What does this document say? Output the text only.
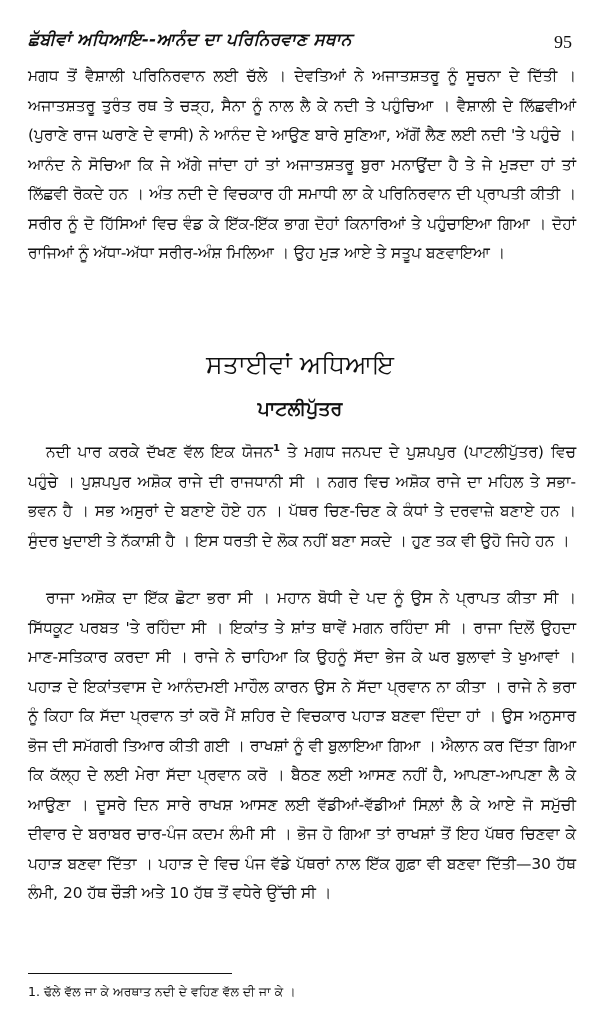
ਛੱਬੀਵਾਂ ਅਧਿਆਇ--ਆਨੰਦ ਦਾ ਪਰਿਨਿਰਵਾਣ ਸਥਾਨ	95

ਮਗਧ ਤੋਂ ਵੈਸ਼ਾਲੀ ਪਰਿਨਿਰਵਾਨ ਲਈ ਚੱਲੇ । ਦੇਵਤਿਆਂ ਨੇ ਅਜਾਤਸ਼ਤਰੂ ਨੂੰ ਸੂਚਨਾ ਦੇ ਦਿੱਤੀ । ਅਜਾਤਸ਼ਤਰੂ ਤੁਰੰਤ ਰਥ ਤੇ ਚੜ੍ਹ, ਸੈਨਾ ਨੂੰ ਨਾਲ ਲੈ ਕੇ ਨਦੀ ਤੇ ਪਹੁੰਚਿਆ । ਵੈਸ਼ਾਲੀ ਦੇ ਲਿੱਛਵੀਆਂ (ਪੁਰਾਣੇ ਰਾਜ ਘਰਾਣੇ ਦੇ ਵਾਸੀ) ਨੇ ਆਨੰਦ ਦੇ ਆਉਣ ਬਾਰੇ ਸੁਣਿਆ, ਅੱਗੋਂ ਲੈਣ ਲਈ ਨਦੀ 'ਤੇ ਪਹੁੰਚੇ । ਆਨੰਦ ਨੇ ਸੋਚਿਆ ਕਿ ਜੇ ਅੱਗੇ ਜਾਂਦਾ ਹਾਂ ਤਾਂ ਅਜਾਤਸ਼ਤਰੂ ਬੁਰਾ ਮਨਾਉਂਦਾ ਹੈ ਤੇ ਜੇ ਮੁੜਦਾ ਹਾਂ ਤਾਂ ਲਿੱਛਵੀ ਰੋਕਦੇ ਹਨ । ਅੰਤ ਨਦੀ ਦੇ ਵਿਚਕਾਰ ਹੀ ਸਮਾਧੀ ਲਾ ਕੇ ਪਰਿਨਿਰਵਾਨ ਦੀ ਪ੍ਰਾਪਤੀ ਕੀਤੀ । ਸਰੀਰ ਨੂੰ ਦੋ ਹਿੱਸਿਆਂ ਵਿਚ ਵੰਡ ਕੇ ਇੱਕ-ਇੱਕ ਭਾਗ ਦੋਹਾਂ ਕਿਨਾਰਿਆਂ ਤੇ ਪਹੁੰਚਾਇਆ ਗਿਆ । ਦੋਹਾਂ ਰਾਜਿਆਂ ਨੂੰ ਅੱਧਾ-ਅੱਧਾ ਸਰੀਰ-ਅੰਸ਼ ਮਿਲਿਆ । ਉਹ ਮੁੜ ਆਏ ਤੇ ਸਤੂਪ ਬਣਵਾਇਆ ।

ਸਤਾਈਵਾਂ ਅਧਿਆਇ
ਪਾਟਲੀਪੁੱਤਰ

ਨਦੀ ਪਾਰ ਕਰਕੇ ਦੱਖਣ ਵੱਲ ਇਕ ਯੋਜਨ$^1$ ਤੇ ਮਗਧ ਜਨਪਦ ਦੇ ਪੁਸ਼ਪਪੁਰ (ਪਾਟਲੀਪੁੱਤਰ) ਵਿਚ ਪਹੁੰਚੇ । ਪੁਸ਼ਪਪੁਰ ਅਸ਼ੋਕ ਰਾਜੇ ਦੀ ਰਾਜਧਾਨੀ ਸੀ । ਨਗਰ ਵਿਚ ਅਸ਼ੋਕ ਰਾਜੇ ਦਾ ਮਹਿਲ ਤੇ ਸਭਾ-ਭਵਨ ਹੈ । ਸਭ ਅਸੁਰਾਂ ਦੇ ਬਣਾਏ ਹੋਏ ਹਨ । ਪੱਥਰ ਚਿਣ-ਚਿਣ ਕੇ ਕੰਧਾਂ ਤੇ ਦਰਵਾਜ਼ੇ ਬਣਾਏ ਹਨ । ਸੁੰਦਰ ਖੁਦਾਈ ਤੇ ਨੱਕਾਸ਼ੀ ਹੈ । ਇਸ ਧਰਤੀ ਦੇ ਲੋਕ ਨਹੀਂ ਬਣਾ ਸਕਦੇ । ਹੁਣ ਤਕ ਵੀ ਉਹੋ ਜਿਹੇ ਹਨ ।

ਰਾਜਾ ਅਸ਼ੋਕ ਦਾ ਇੱਕ ਛੋਟਾ ਭਰਾ ਸੀ । ਮਹਾਨ ਬੋਧੀ ਦੇ ਪਦ ਨੂੰ ਉਸ ਨੇ ਪ੍ਰਾਪਤ ਕੀਤਾ ਸੀ । ਸਿੱਧਕੂਟ ਪਰਬਤ 'ਤੇ ਰਹਿੰਦਾ ਸੀ । ਇਕਾਂਤ ਤੇ ਸ਼ਾਂਤ ਥਾਵੇਂ ਮਗਨ ਰਹਿੰਦਾ ਸੀ । ਰਾਜਾ ਦਿਲੋਂ ਉਹਦਾ ਮਾਣ-ਸਤਿਕਾਰ ਕਰਦਾ ਸੀ । ਰਾਜੇ ਨੇ ਚਾਹਿਆ ਕਿ ਉਹਨੂੰ ਸੱਦਾ ਭੇਜ ਕੇ ਘਰ ਬੁਲਾਵਾਂ ਤੇ ਖੁਆਵਾਂ । ਪਹਾੜ ਦੇ ਇਕਾਂਤਵਾਸ ਦੇ ਆਨੰਦਮਈ ਮਾਹੌਲ ਕਾਰਨ ਉਸ ਨੇ ਸੱਦਾ ਪ੍ਰਵਾਨ ਨਾ ਕੀਤਾ । ਰਾਜੇ ਨੇ ਭਰਾ ਨੂੰ ਕਿਹਾ ਕਿ ਸੱਦਾ ਪ੍ਰਵਾਨ ਤਾਂ ਕਰੋ ਮੈਂ ਸ਼ਹਿਰ ਦੇ ਵਿਚਕਾਰ ਪਹਾੜ ਬਣਵਾ ਦਿੰਦਾ ਹਾਂ । ਉਸ ਅਨੁਸਾਰ ਭੋਜ ਦੀ ਸਮੱਗਰੀ ਤਿਆਰ ਕੀਤੀ ਗਈ । ਰਾਖਸ਼ਾਂ ਨੂੰ ਵੀ ਬੁਲਾਇਆ ਗਿਆ । ਐਲਾਨ ਕਰ ਦਿੱਤਾ ਗਿਆ ਕਿ ਕੱਲ੍ਹ ਦੇ ਲਈ ਮੇਰਾ ਸੱਦਾ ਪ੍ਰਵਾਨ ਕਰੋ । ਬੈਠਣ ਲਈ ਆਸਣ ਨਹੀਂ ਹੈ, ਆਪਣਾ-ਆਪਣਾ ਲੈ ਕੇ ਆਉਣਾ । ਦੂਸਰੇ ਦਿਨ ਸਾਰੇ ਰਾਖਸ਼ ਆਸਣ ਲਈ ਵੱਡੀਆਂ-ਵੱਡੀਆਂ ਸਿਲ਼ਾਂ ਲੈ ਕੇ ਆਏ ਜੋ ਸਮੁੱਚੀ ਦੀਵਾਰ ਦੇ ਬਰਾਬਰ ਚਾਰ-ਪੰਜ ਕਦਮ ਲੰਮੀ ਸੀ । ਭੋਜ ਹੋ ਗਿਆ ਤਾਂ ਰਾਖਸ਼ਾਂ ਤੋਂ ਇਹ ਪੱਥਰ ਚਿਣਵਾ ਕੇ ਪਹਾੜ ਬਣਵਾ ਦਿੱਤਾ । ਪਹਾੜ ਦੇ ਵਿਚ ਪੰਜ ਵੱਡੇ ਪੱਥਰਾਂ ਨਾਲ ਇੱਕ ਗੁਫ਼ਾ ਵੀ ਬਣਵਾ ਦਿੱਤੀ—30 ਹੱਥ ਲੰਮੀ, 20 ਹੱਥ ਚੌੜੀ ਅਤੇ 10 ਹੱਥ ਤੋਂ ਵਧੇਰੇ ਉੱਚੀ ਸੀ ।

1. ਢੱਲੇ ਵੱਲ ਜਾ ਕੇ ਅਰਥਾਤ ਨਦੀ ਦੇ ਵਹਿਣ ਵੱਲ ਦੀ ਜਾ ਕੇ ।
